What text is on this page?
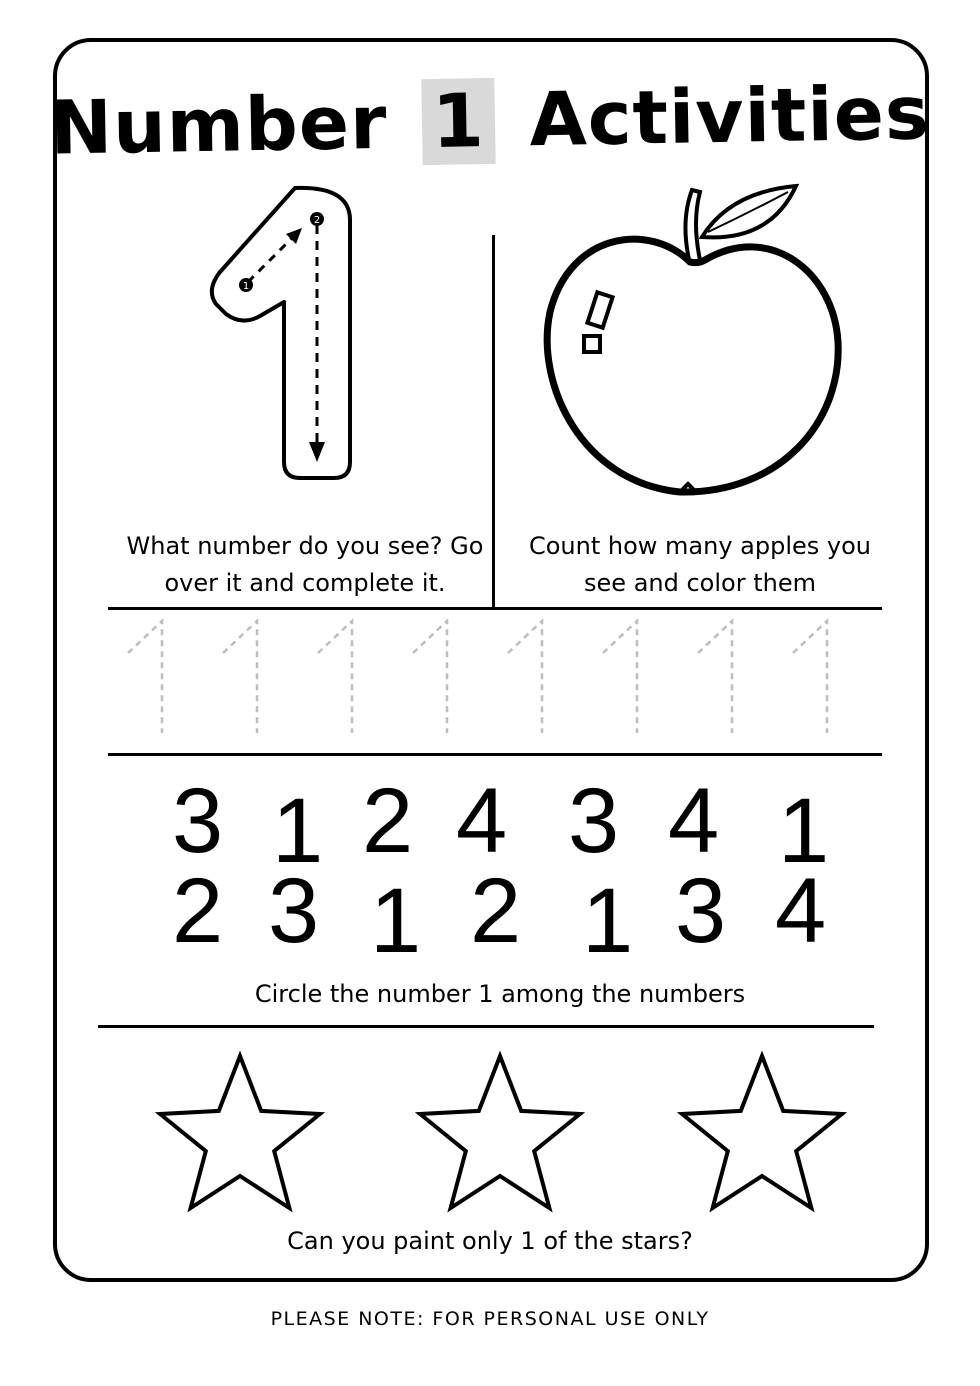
Number 1 Activities
1
2
What number do you see? Go
over it and complete it.
Count how many apples you
see and color them
3 1 2 4 3 4 1
2 3 1 2 1 3 4
Circle the number 1 among the numbers
Can you paint only 1 of the stars?
PLEASE NOTE: FOR PERSONAL USE ONLY
